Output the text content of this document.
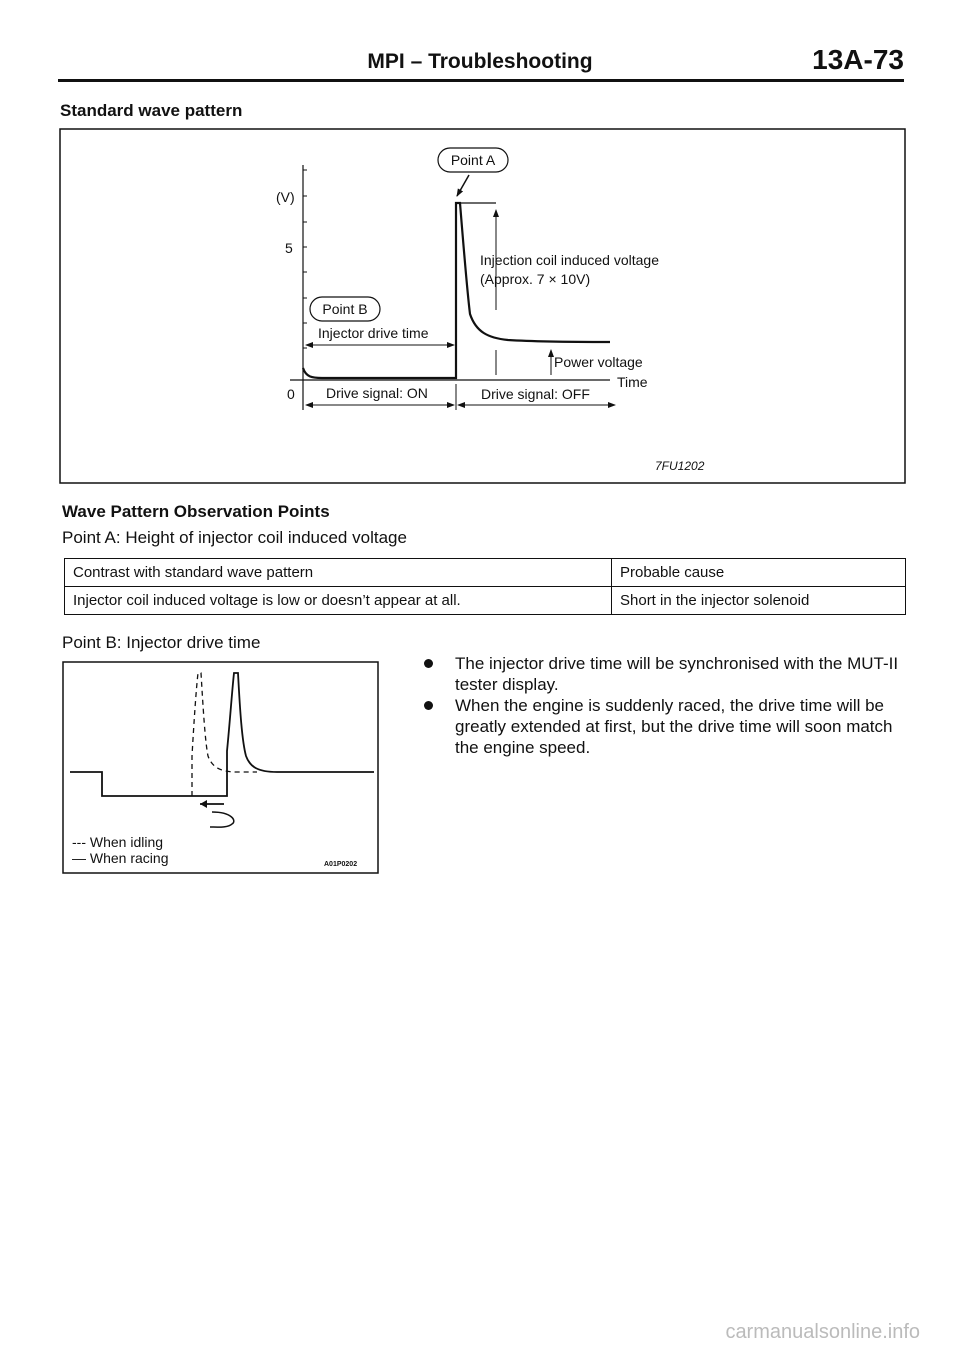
MPI – Troubleshooting	13A-73
Standard wave pattern
(V)
5
0
Time
Point A
Point B
Injector drive time
Injection coil induced voltage
(Approx. 7 × 10V)
Power voltage
Drive signal: ON	Drive signal: OFF
7FU1202
Wave Pattern Observation Points
Point A: Height of injector coil induced voltage
Contrast with standard wave pattern	Probable cause
Injector coil induced voltage is low or doesn’t appear at all.	Short in the injector solenoid
Point B: Injector drive time
--- When idling
— When racing	A01P0202
The injector drive time will be synchronised with the MUT-II tester display.
When the engine is suddenly raced, the drive time will be greatly extended at first, but the drive time will soon match the engine speed.
carmanualsonline.info
